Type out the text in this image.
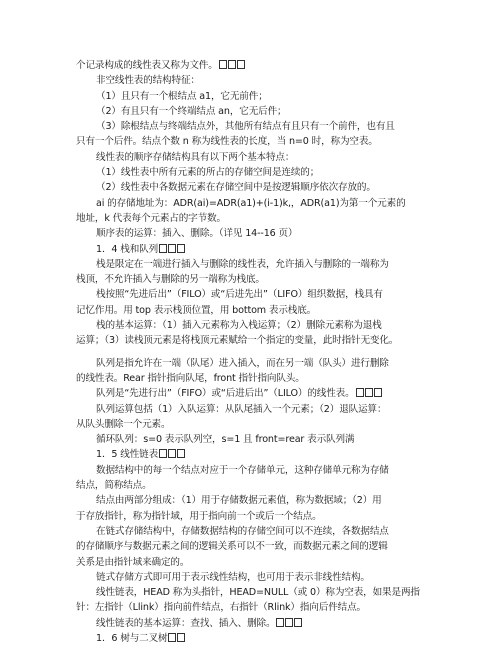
个记录构成的线性表又称为文件。
非空线性表的结构特征：
（1）且只有一个根结点 a1，它无前件；
（2）有且只有一个终端结点 an，它无后件；
（3）除根结点与终端结点外，其他所有结点有且只有一个前件，也有且
只有一个后件。结点个数 n 称为线性表的长度，当 n=0 时，称为空表。
线性表的顺序存储结构具有以下两个基本特点：
（1）线性表中所有元素的所占的存储空间是连续的；
（2）线性表中各数据元素在存储空间中是按逻辑顺序依次存放的。
ai 的存储地址为：ADR(ai)=ADR(a1)+(i-1)k,，ADR(a1)为第一个元素的
地址，k 代表每个元素占的字节数。
顺序表的运算：插入、删除。（详见 14--16 页）
1．4 栈和队列
栈是限定在一端进行插入与删除的线性表，允许插入与删除的一端称为
栈顶，不允许插入与删除的另一端称为栈底。
栈按照“先进后出”（FILO）或“后进先出”（LIFO）组织数据，栈具有
记忆作用。用 top 表示栈顶位置，用 bottom 表示栈底。
栈的基本运算：（1）插入元素称为入栈运算；（2）删除元素称为退栈
运算；（3）读栈顶元素是将栈顶元素赋给一个指定的变量，此时指针无变化。
队列是指允许在一端（队尾）进入插入，而在另一端（队头）进行删除
的线性表。Rear 指针指向队尾，front 指针指向队头。
队列是“先进行出”（FIFO）或“后进后出”（LILO）的线性表。
队列运算包括（1）入队运算：从队尾插入一个元素；（2）退队运算：
从队头删除一个元素。
循环队列：s=0 表示队列空，s=1 且 front=rear 表示队列满
1．5 线性链表
数据结构中的每一个结点对应于一个存储单元，这种存储单元称为存储
结点，简称结点。
结点由两部分组成：（1）用于存储数据元素值，称为数据域；（2）用
于存放指针，称为指针域，用于指向前一个或后一个结点。
在链式存储结构中，存储数据结构的存储空间可以不连续，各数据结点
的存储顺序与数据元素之间的逻辑关系可以不一致，而数据元素之间的逻辑
关系是由指针域来确定的。
链式存储方式即可用于表示线性结构，也可用于表示非线性结构。
线性链表，HEAD 称为头指针，HEAD=NULL（或 0）称为空表，如果是两指
针：左指针（Llink）指向前件结点，右指针（Rlink）指向后件结点。
线性链表的基本运算：查找、插入、删除。
1．6 树与二叉树
